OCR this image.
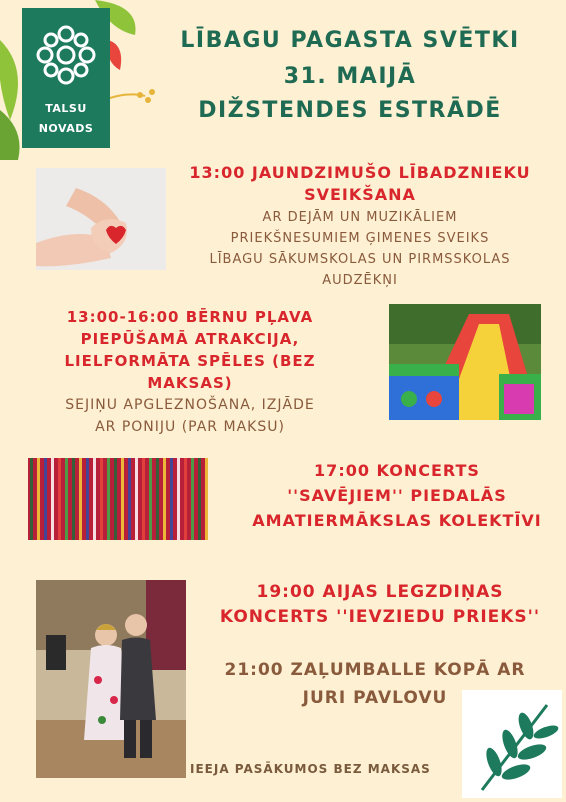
TALSU
NOVADS
LĪBAGU PAGASTA SVĒTKI
31. MAIJĀ
DIŽSTENDES ESTRĀDĒ
13:00 JAUNDZIMUŠO LĪBADZNIEKU
SVEIKŠANA
AR DEJĀM UN MUZIKĀLIEM
PRIEKŠNESUMIEM ĢIMENES SVEIKS
LĪBAGU SĀKUMSKOLAS UN PIRMSSKOLAS
AUDZĒKŅI
13:00-16:00 BĒRNU PĻAVA
PIEPŪŠAMĀ ATRAKCIJA,
LIELFORMĀTA SPĒLES (BEZ
MAKSAS)
SEJIŅU APGLEZNOŠANA, IZJĀDE
AR PONIJU (PAR MAKSU)
17:00 KONCERTS
''SAVĒJIEM'' PIEDALĀS
AMATIERMĀKSLAS KOLEKTĪVI
19:00 AIJAS LEGZDIŅAS
KONCERTS ''IEVZIEDU PRIEKS''
21:00 ZAĻUMBALLE KOPĀ AR
JURI PAVLOVU
IEEJA PASĀKUMOS BEZ MAKSAS
